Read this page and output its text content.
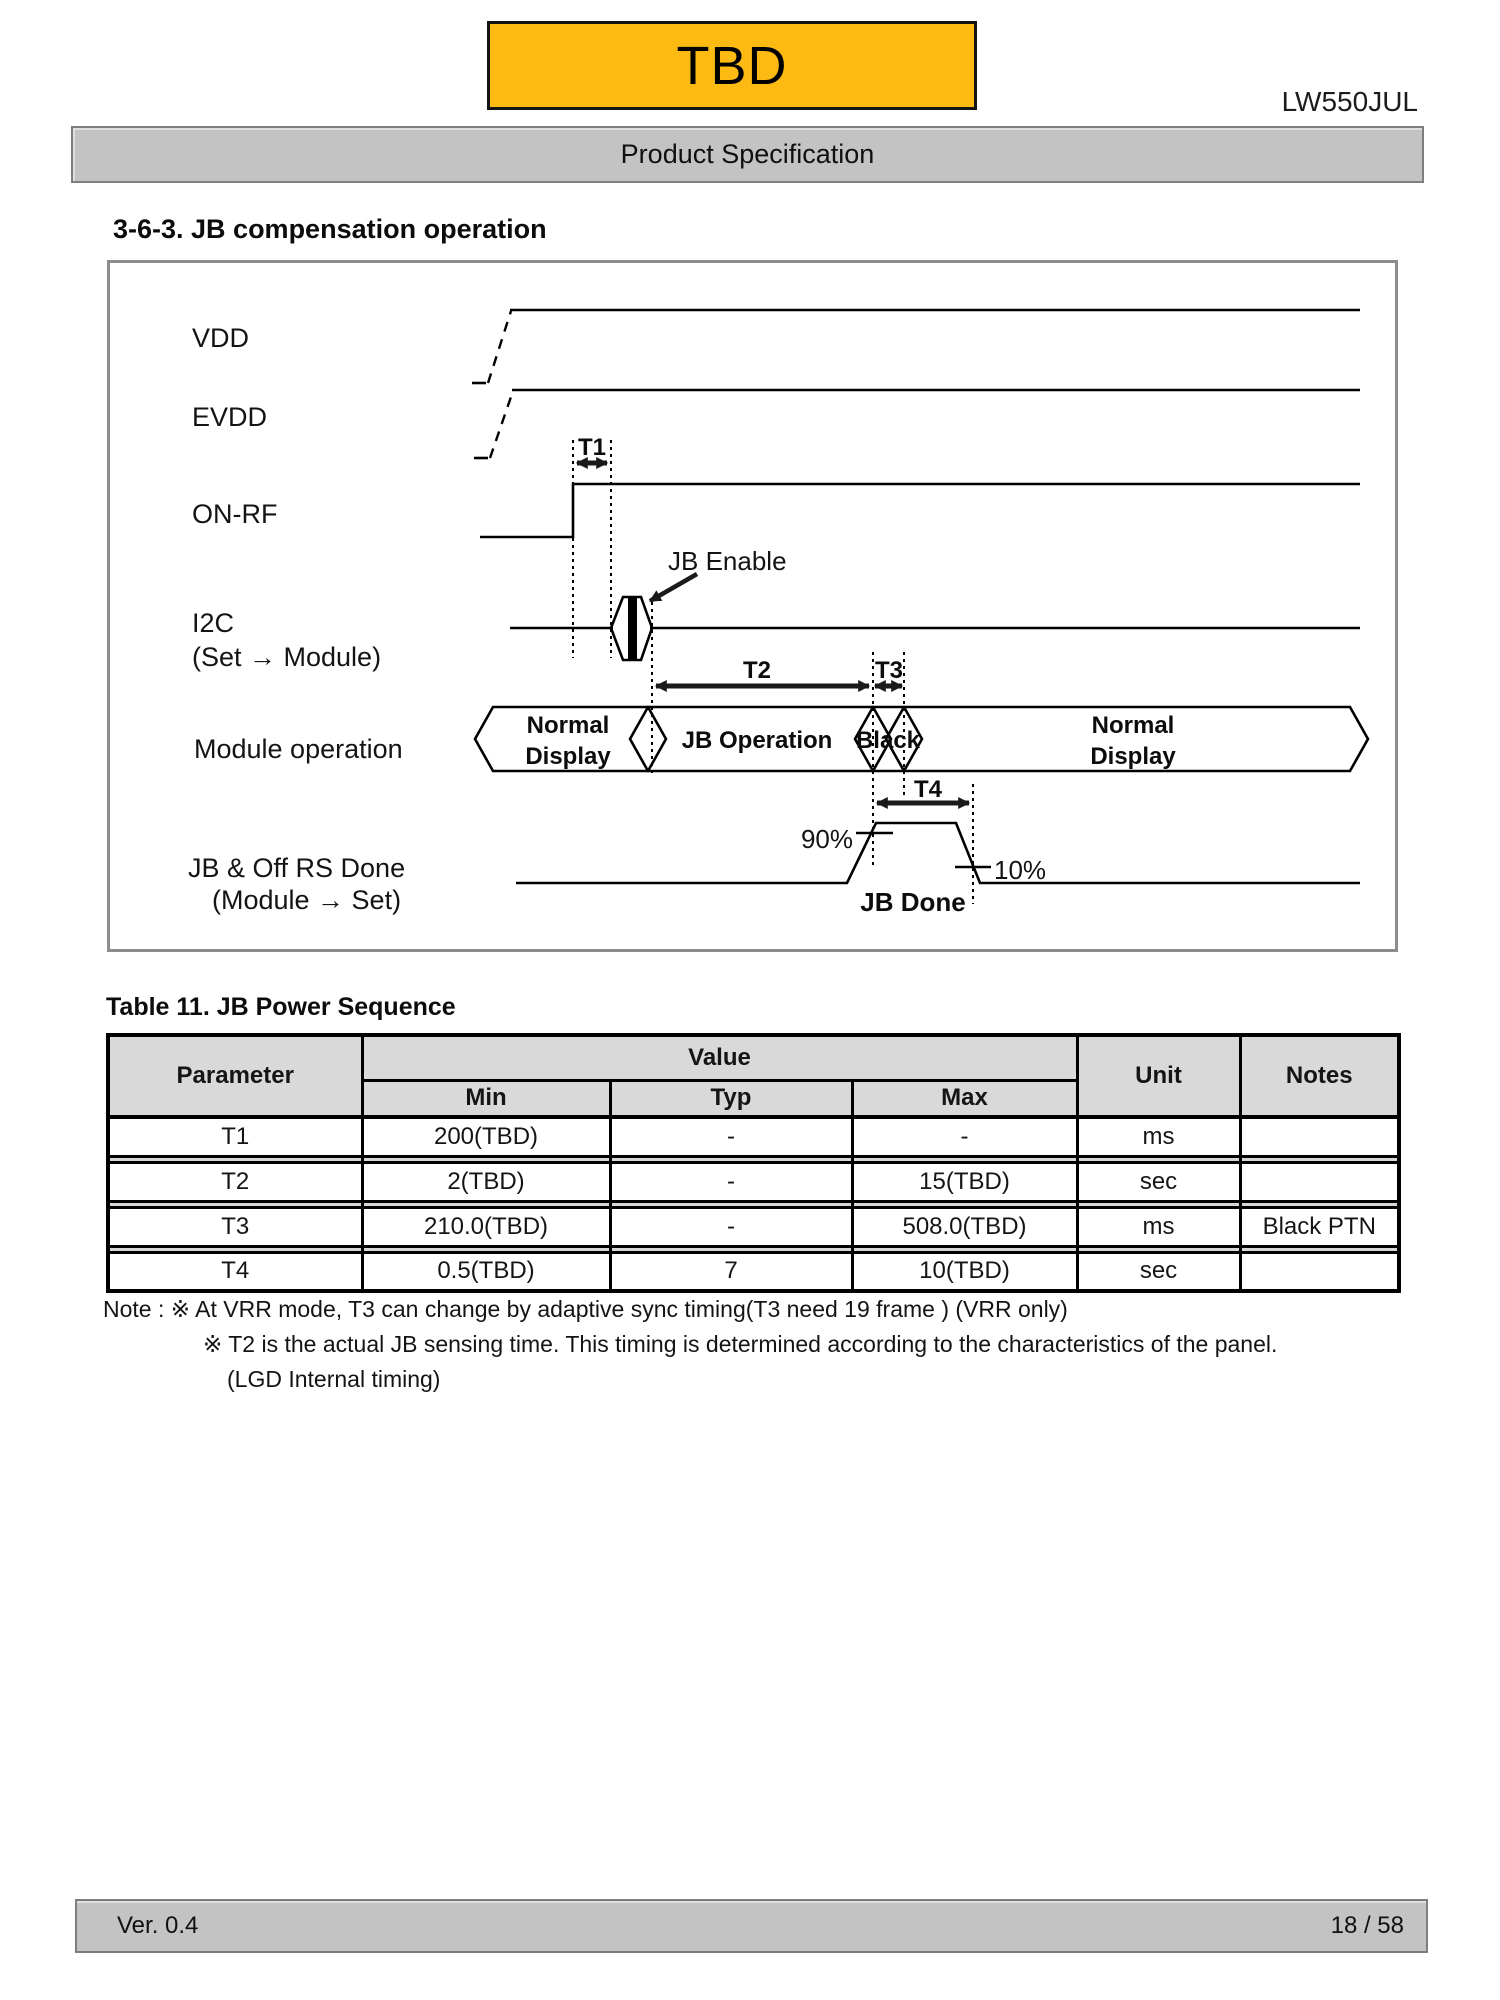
TBD
LW550JUL
Product Specification
3-6-3. JB compensation operation
VDD
EVDD
ON-RF
I2C
(Set → Module)
Module operation
JB & Off RS Done
(Module → Set)
T1
JB Enable
T2	T3
Normal
Display
JB Operation Black
Normal
Display
T4
90%
10%
JB Done
Table 11. JB Power Sequence
Parameter	Value			Unit	Notes
	Min	Typ	Max		
T1	200(TBD)	-	-	ms	

T2	2(TBD)	-	15(TBD)	sec	

T3	210.0(TBD)	-	508.0(TBD)	ms	Black PTN

T4	0.5(TBD)	7	10(TBD)	sec	
Note : ※ At VRR mode, T3 can change by adaptive sync timing(T3 need 19 frame ) (VRR only)
※ T2 is the actual JB sensing time. This timing is determined according to the characteristics of the panel.
(LGD Internal timing)
Ver. 0.4	18 / 58
